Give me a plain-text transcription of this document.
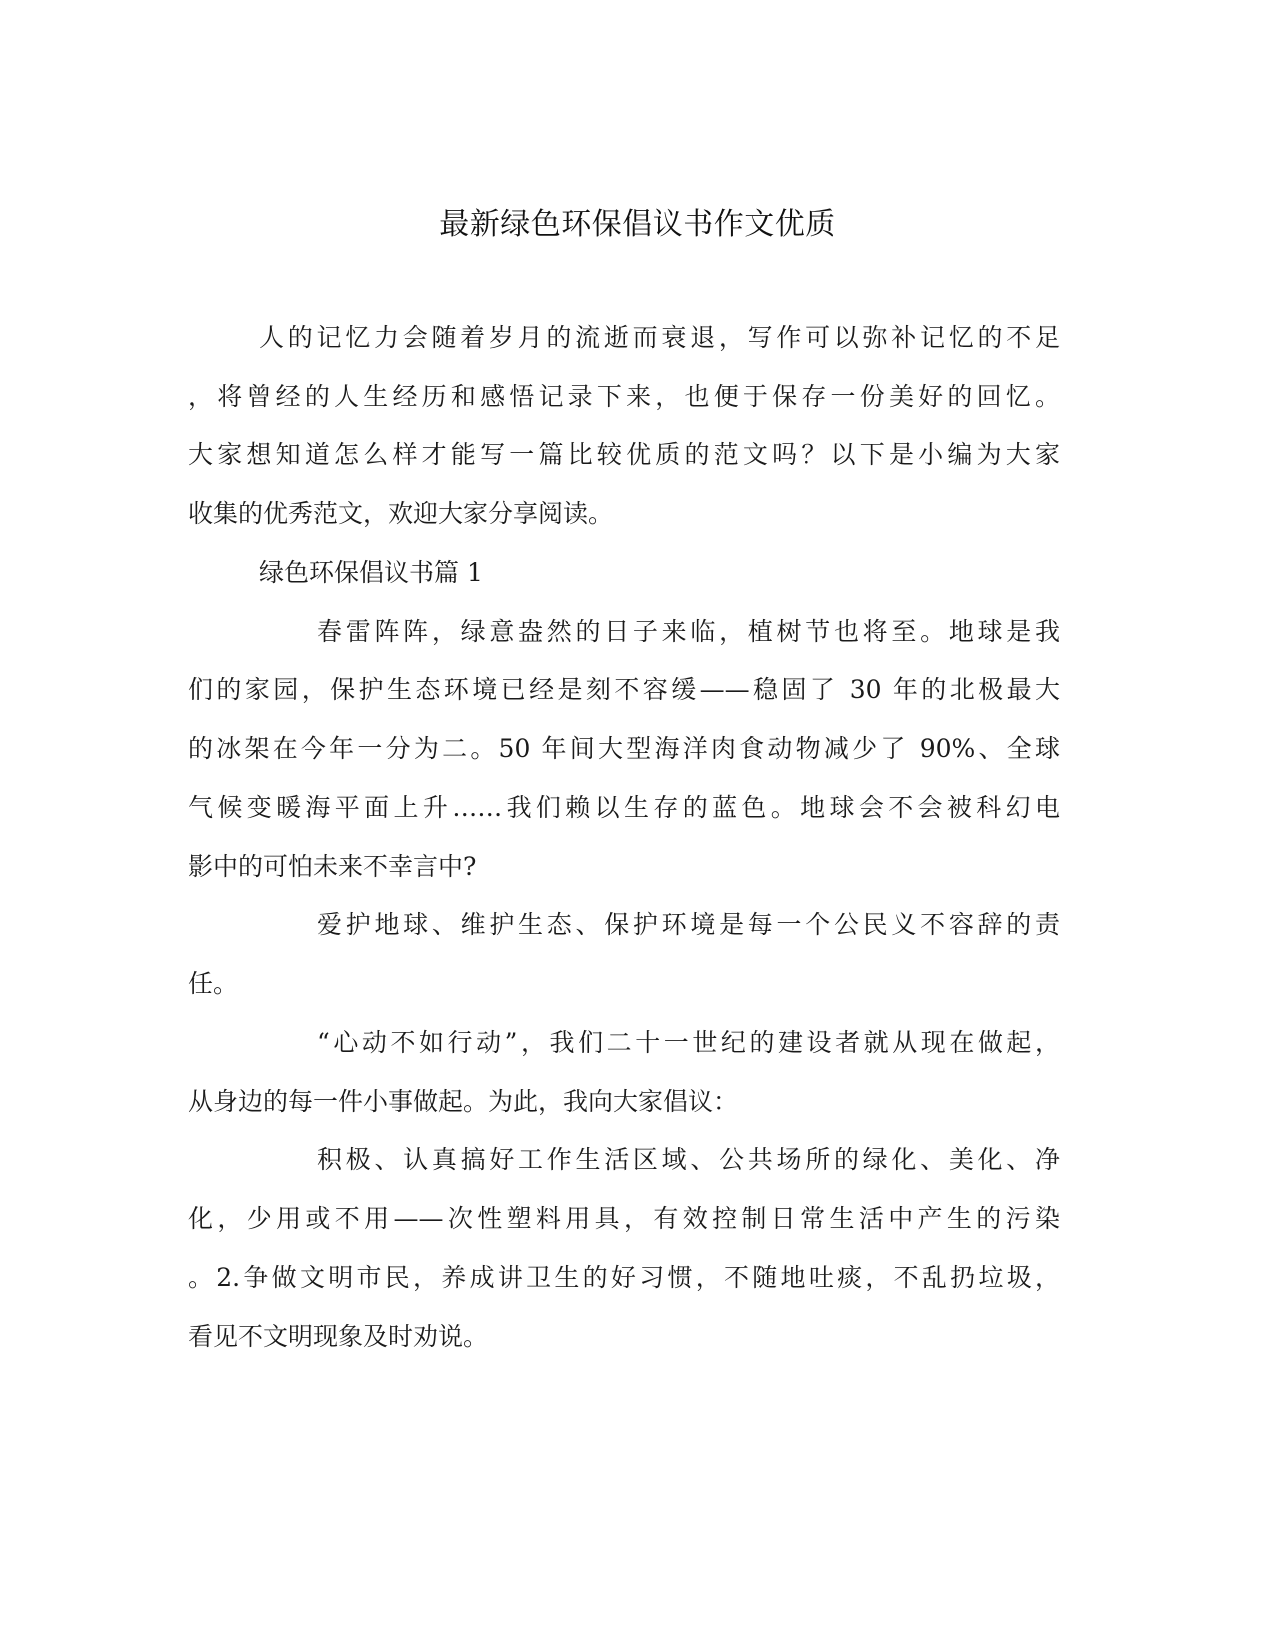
最新绿色环保倡议书作文优质
人的记忆力会随着岁月的流逝而衰退，写作可以弥补记忆的不足
，将曾经的人生经历和感悟记录下来，也便于保存一份美好的回忆。
大家想知道怎么样才能写一篇比较优质的范文吗？以下是小编为大家
收集的优秀范文，欢迎大家分享阅读。
绿色环保倡议书篇 1
春雷阵阵，绿意盎然的日子来临，植树节也将至。地球是我
们的家园，保护生态环境已经是刻不容缓——稳固了 30 年的北极最大
的冰架在今年一分为二。50 年间大型海洋肉食动物减少了 90%、全球
气候变暖海平面上升……我们赖以生存的蓝色。地球会不会被科幻电
影中的可怕未来不幸言中?
爱护地球、维护生态、保护环境是每一个公民义不容辞的责
任。
“心动不如行动”，我们二十一世纪的建设者就从现在做起，
从身边的每一件小事做起。为此，我向大家倡议：
积极、认真搞好工作生活区域、公共场所的绿化、美化、净
化，少用或不用——次性塑料用具，有效控制日常生活中产生的污染
。2.争做文明市民，养成讲卫生的好习惯，不随地吐痰，不乱扔垃圾，
看见不文明现象及时劝说。
